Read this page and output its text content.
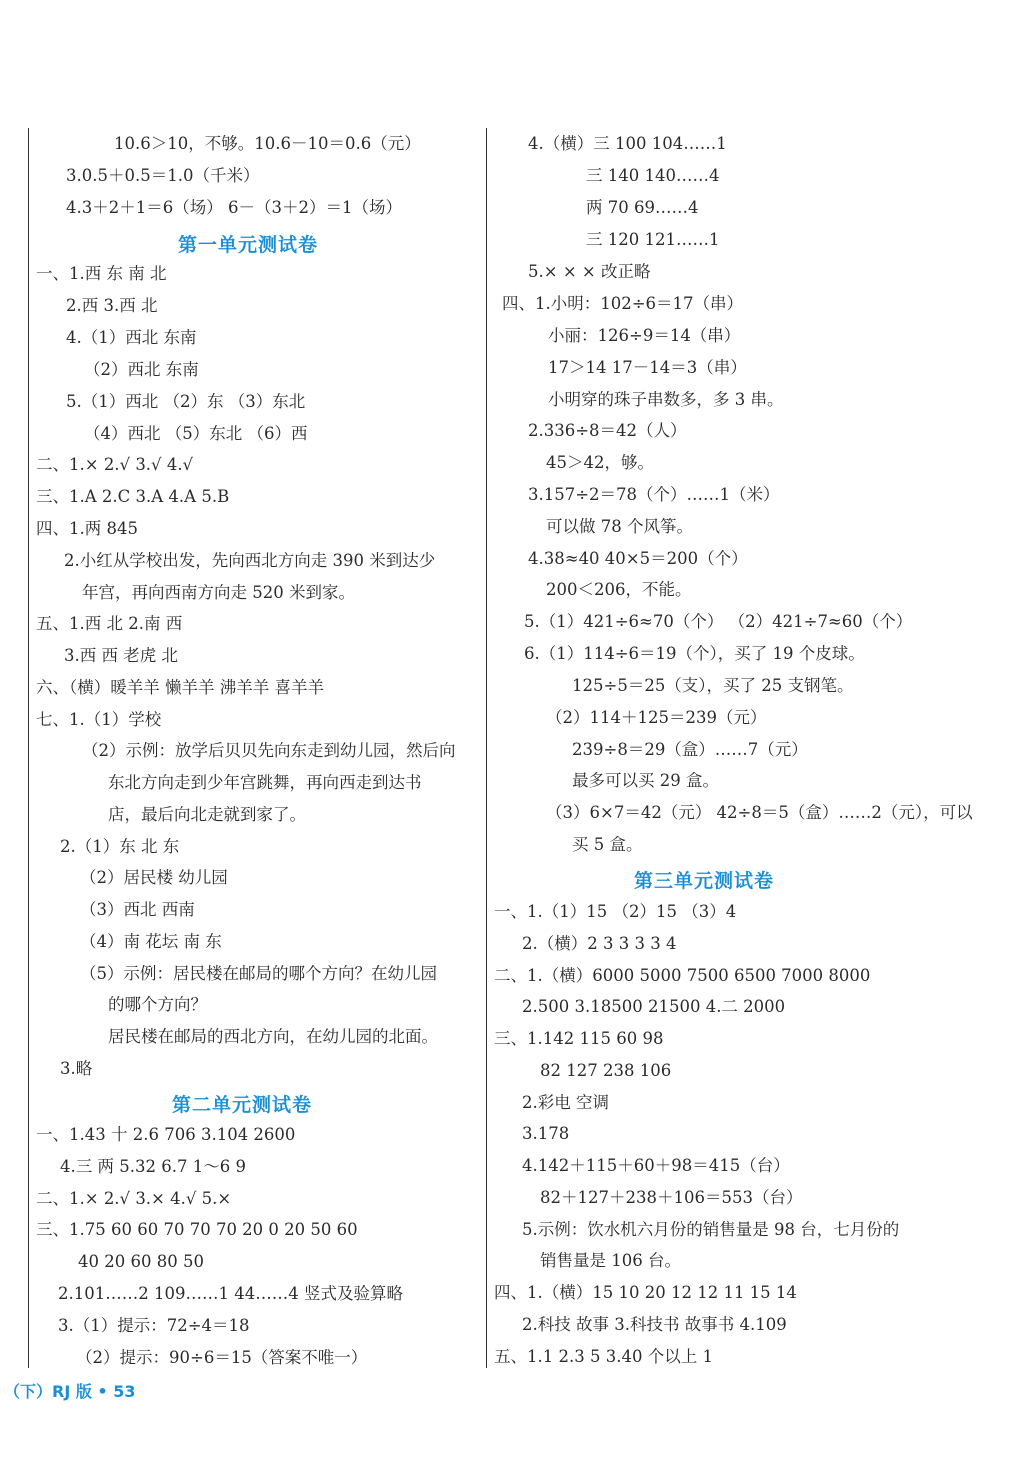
10.6＞10，不够。10.6－10＝0.6（元）
3.0.5＋0.5＝1.0（千米）
4.3＋2＋1＝6（场） 6－（3＋2）＝1（场）
一、1.西 东 南 北
2.西 3.西 北
4.（1）西北 东南
（2）西北 东南
5.（1）西北 （2）东 （3）东北
（4）西北 （5）东北 （6）西
二、1.× 2.√ 3.√ 4.√
三、1.A 2.C 3.A 4.A 5.B
四、1.两 845
2.小红从学校出发，先向西北方向走 390 米到达少
年宫，再向西南方向走 520 米到家。
五、1.西 北 2.南 西
3.西 西 老虎 北
六、（横）暖羊羊 懒羊羊 沸羊羊 喜羊羊
七、1.（1）学校
（2）示例：放学后贝贝先向东走到幼儿园，然后向
东北方向走到少年宫跳舞，再向西走到达书
店，最后向北走就到家了。
2.（1）东 北 东
（2）居民楼 幼儿园
（3）西北 西南
（4）南 花坛 南 东
（5）示例：居民楼在邮局的哪个方向？在幼儿园
的哪个方向？
居民楼在邮局的西北方向，在幼儿园的北面。
3.略
一、1.43 十 2.6 706 3.104 2600
4.三 两 5.32 6.7 1～6 9
二、1.× 2.√ 3.× 4.√ 5.×
三、1.75 60 60 70 70 70 20 0 20 50 60
40 20 60 80 50
2.101……2 109……1 44……4 竖式及验算略
3.（1）提示：72÷4＝18
（2）提示：90÷6＝15（答案不唯一）
第一单元测试卷
第二单元测试卷
4.（横）三 100 104……1
三 140 140……4
两 70 69……4
三 120 121……1
5.× × × 改正略
四、1.小明：102÷6＝17（串）
小丽：126÷9＝14（串）
17＞14 17－14＝3（串）
小明穿的珠子串数多，多 3 串。
2.336÷8＝42（人）
45＞42，够。
3.157÷2＝78（个）……1（米）
可以做 78 个风筝。
4.38≈40 40×5＝200（个）
200＜206，不能。
5.（1）421÷6≈70（个） （2）421÷7≈60（个）
6.（1）114÷6＝19（个），买了 19 个皮球。
125÷5＝25（支），买了 25 支钢笔。
（2）114＋125＝239（元）
239÷8＝29（盒）……7（元）
最多可以买 29 盒。
（3）6×7＝42（元） 42÷8＝5（盒）……2（元），可以
买 5 盒。
一、1.（1）15 （2）15 （3）4
2.（横）2 3 3 3 3 4
二、1.（横）6000 5000 7500 6500 7000 8000
2.500 3.18500 21500 4.二 2000
三、1.142 115 60 98
82 127 238 106
2.彩电 空调
3.178
4.142＋115＋60＋98＝415（台）
82＋127＋238＋106＝553（台）
5.示例：饮水机六月份的销售量是 98 台，七月份的
销售量是 106 台。
四、1.（横）15 10 20 12 12 11 15 14
2.科技 故事 3.科技书 故事书 4.109
五、1.1 2.3 5 3.40 个以上 1
第三单元测试卷
（下）RJ 版 • 53
